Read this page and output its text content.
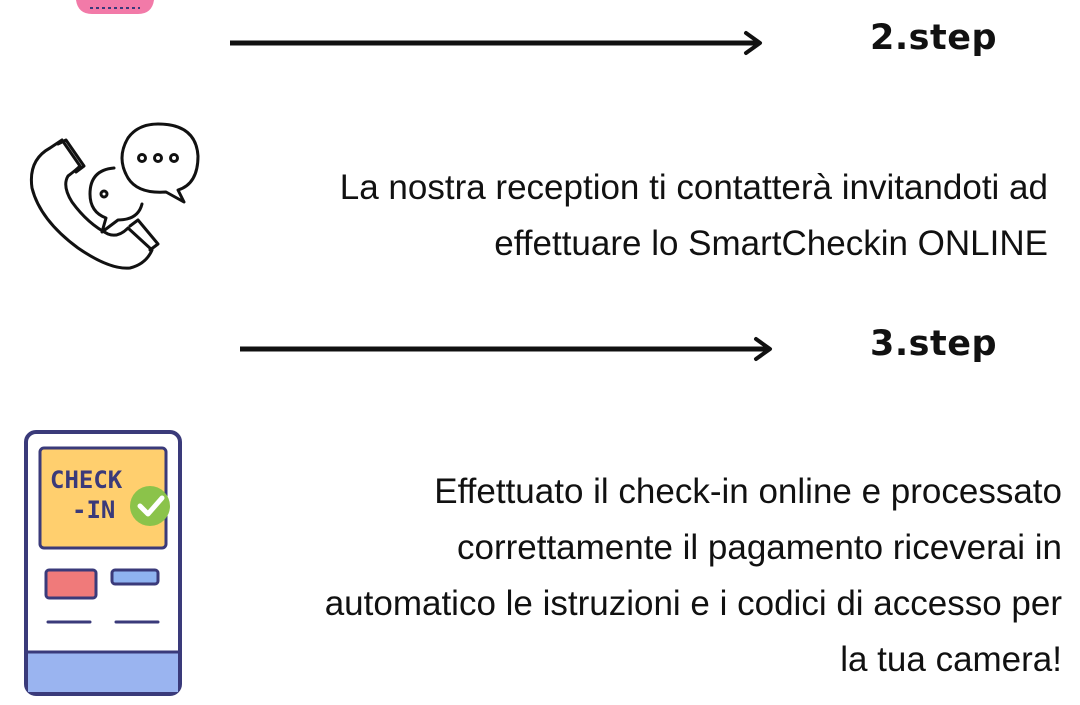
2.step
La nostra reception ti contatterà invitandoti ad
effettuare lo SmartCheckin ONLINE
3.step
CHECK
-IN	Effettuato il check-in online e processato
correttamente il pagamento riceverai in
automatico le istruzioni e i codici di accesso per
la tua camera!
